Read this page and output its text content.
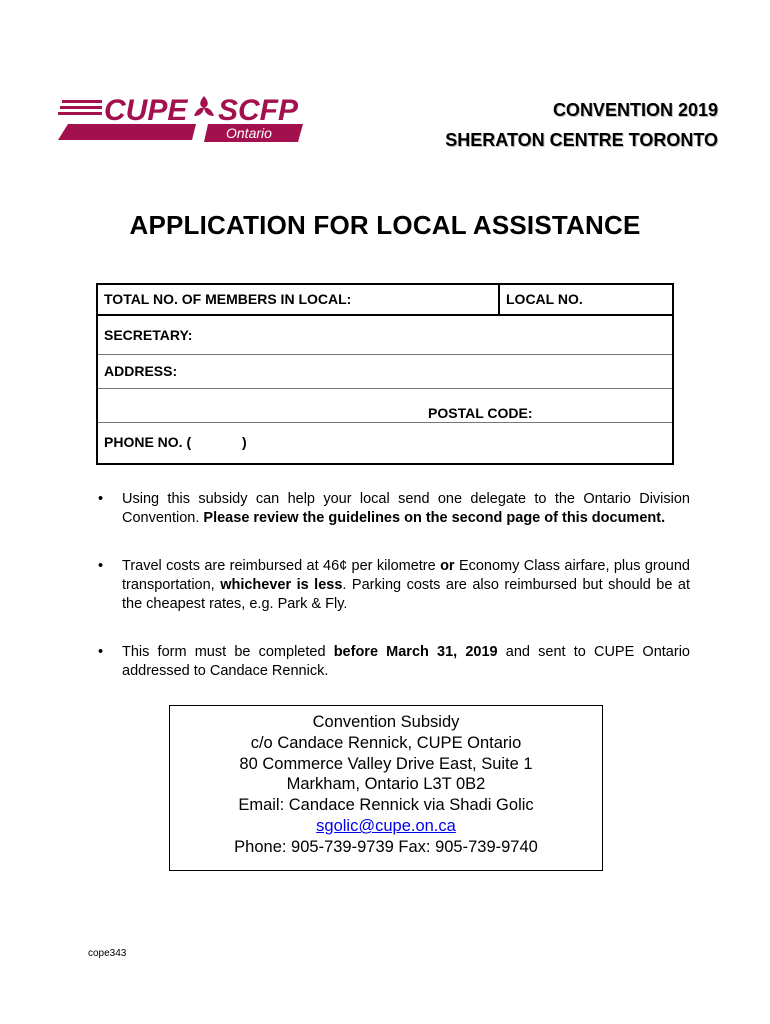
CUPE SCFP
Ontario
CONVENTION 2019
SHERATON CENTRE TORONTO
APPLICATION FOR LOCAL ASSISTANCE
TOTAL NO. OF MEMBERS IN LOCAL:	LOCAL NO.
SECRETARY:
ADDRESS:
POSTAL CODE:
PHONE NO. (	)
• Using this subsidy can help your local send one delegate to the Ontario Division Convention. Please review the guidelines on the second page of this document.
• Travel costs are reimbursed at 46¢ per kilometre or Economy Class airfare, plus ground transportation, whichever is less. Parking costs are also reimbursed but should be at the cheapest rates, e.g. Park & Fly.
• This form must be completed before March 31, 2019 and sent to CUPE Ontario addressed to Candace Rennick.
Convention Subsidy
c/o Candace Rennick, CUPE Ontario
80 Commerce Valley Drive East, Suite 1
Markham, Ontario L3T 0B2
Email: Candace Rennick via Shadi Golic
sgolic@cupe.on.ca
Phone: 905-739-9739 Fax: 905-739-9740
cope343
